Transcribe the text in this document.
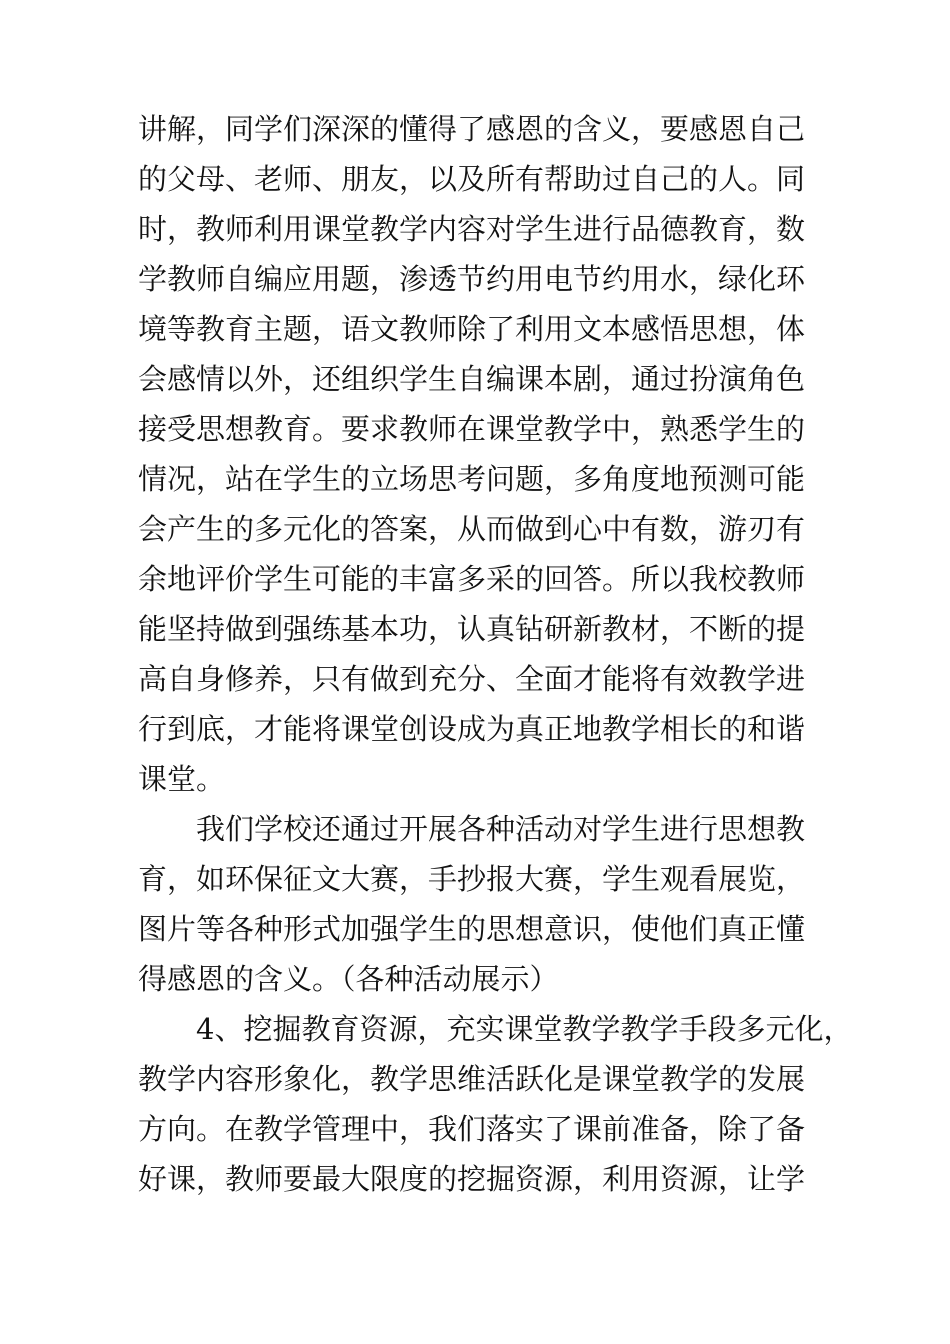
讲解，同学们深深的懂得了感恩的含义，要感恩自己
的父母、老师、朋友，以及所有帮助过自己的人。同
时，教师利用课堂教学内容对学生进行品德教育，数
学教师自编应用题，渗透节约用电节约用水，绿化环
境等教育主题，语文教师除了利用文本感悟思想，体
会感情以外，还组织学生自编课本剧，通过扮演角色
接受思想教育。要求教师在课堂教学中，熟悉学生的
情况，站在学生的立场思考问题，多角度地预测可能
会产生的多元化的答案，从而做到心中有数，游刃有
余地评价学生可能的丰富多采的回答。所以我校教师
能坚持做到强练基本功，认真钻研新教材，不断的提
高自身修养，只有做到充分、全面才能将有效教学进
行到底，才能将课堂创设成为真正地教学相长的和谐
课堂。
我们学校还通过开展各种活动对学生进行思想教
育，如环保征文大赛，手抄报大赛，学生观看展览，
图片等各种形式加强学生的思想意识，使他们真正懂
得感恩的含义。（各种活动展示）
4、挖掘教育资源，充实课堂教学教学手段多元化，
教学内容形象化，教学思维活跃化是课堂教学的发展
方向。在教学管理中，我们落实了课前准备，除了备
好课，教师要最大限度的挖掘资源，利用资源，让学
